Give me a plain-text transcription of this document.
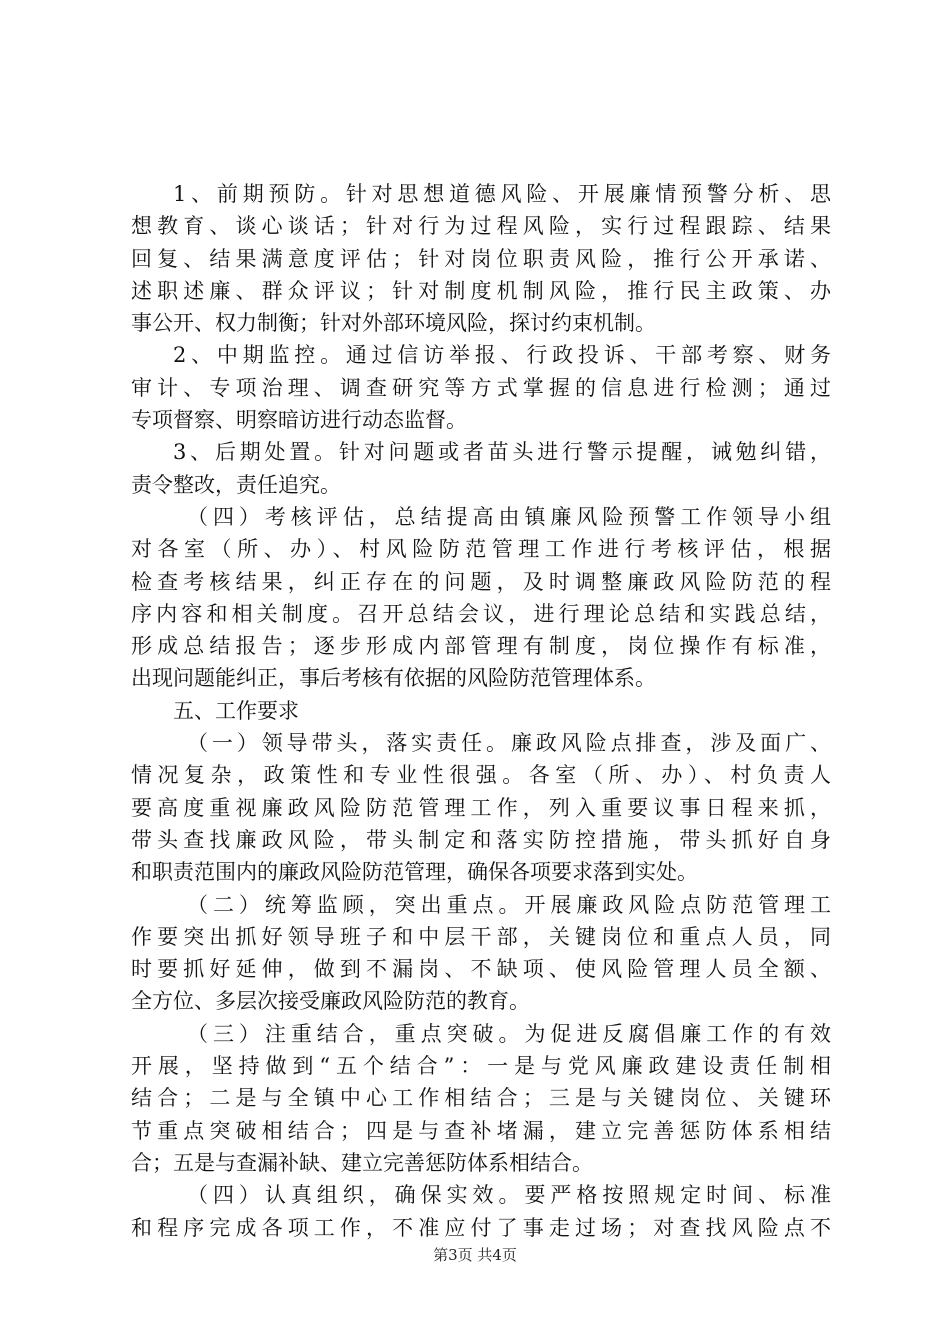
1、前期预防。针对思想道德风险、开展廉情预警分析、思
想教育、谈心谈话；针对行为过程风险，实行过程跟踪、结果
回复、结果满意度评估；针对岗位职责风险，推行公开承诺、
述职述廉、群众评议；针对制度机制风险，推行民主政策、办
事公开、权力制衡；针对外部环境风险，探讨约束机制。
2、中期监控。通过信访举报、行政投诉、干部考察、财务
审计、专项治理、调查研究等方式掌握的信息进行检测；通过
专项督察、明察暗访进行动态监督。
3、后期处置。针对问题或者苗头进行警示提醒，诫勉纠错，
责令整改，责任追究。
（四）考核评估，总结提高由镇廉风险预警工作领导小组
对各室（所、办）、村风险防范管理工作进行考核评估，根据
检查考核结果，纠正存在的问题，及时调整廉政风险防范的程
序内容和相关制度。召开总结会议，进行理论总结和实践总结，
形成总结报告；逐步形成内部管理有制度，岗位操作有标准，
出现问题能纠正，事后考核有依据的风险防范管理体系。
五、工作要求
（一）领导带头，落实责任。廉政风险点排查，涉及面广、
情况复杂，政策性和专业性很强。各室（所、办）、村负责人
要高度重视廉政风险防范管理工作，列入重要议事日程来抓，
带头查找廉政风险，带头制定和落实防控措施，带头抓好自身
和职责范围内的廉政风险防范管理，确保各项要求落到实处。
（二）统筹监顾，突出重点。开展廉政风险点防范管理工
作要突出抓好领导班子和中层干部，关键岗位和重点人员，同
时要抓好延伸，做到不漏岗、不缺项、使风险管理人员全额、
全方位、多层次接受廉政风险防范的教育。
（三）注重结合，重点突破。为促进反腐倡廉工作的有效
开展，坚持做到“五个结合”：一是与党风廉政建设责任制相
结合；二是与全镇中心工作相结合；三是与关键岗位、关键环
节重点突破相结合；四是与查补堵漏，建立完善惩防体系相结
合；五是与查漏补缺、建立完善惩防体系相结合。
（四）认真组织，确保实效。要严格按照规定时间、标准
和程序完成各项工作，不准应付了事走过场；对查找风险点不
第3页 共4页
